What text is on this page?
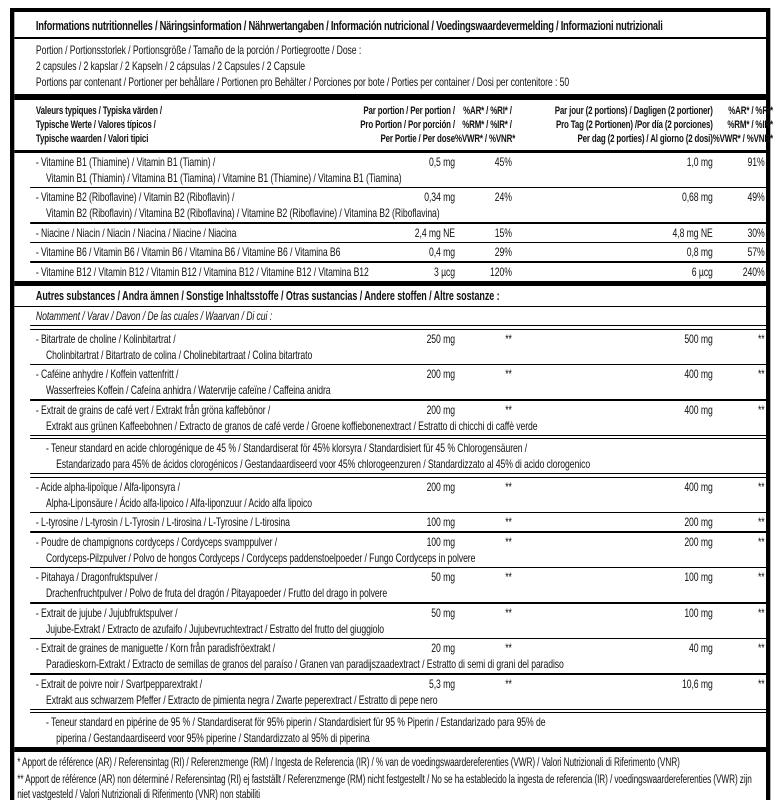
Informations nutritionnelles / Näringsinformation / Nährwertangaben / Información nutricional / Voedingswaardevermelding / Informazioni nutrizionali
Portion / Portionsstorlek / Portionsgröße / Tamaño de la porción / Portiegrootte / Dose :
2 capsules / 2 kapslar / 2 Kapseln / 2 cápsulas / 2 Capsules / 2 Capsule
Portions par contenant / Portioner per behållare / Portionen pro Behälter / Porciones por bote / Porties per container / Dosi per contenitore : 50
Valeurs typiques / Typiska värden /
Typische Werte / Valores típicos /
Typische waarden / Valori tipici
Par portion / Per portion /
Pro Portion / Por porción /
Per Portie / Per dose
%AR* / %RI* /
%RM* / %IR* /
%VWR* / %VNR*
Par jour (2 portions) / Dagligen (2 portioner)
Pro Tag (2 Portionen) /Por día (2 porciones)
Per dag (2 porties) / Al giorno (2 dosi)
%AR* / %RI*
%RM* / %IR*
%VWR* / %VNR*
- Vitamine B1 (Thiamine) / Vitamin B1 (Tiamin) /
Vitamin B1 (Thiamin) / Vitamina B1 (Tiamina) / Vitamine B1 (Thiamine) / Vitamina B1 (Tiamina)
0,5 mg	45%	1,0 mg	91%
- Vitamine B2 (Riboflavine) / Vitamin B2 (Riboflavin) /
Vitamin B2 (Riboflavin) / Vitamina B2 (Riboflavina) / Vitamine B2 (Riboflavine) / Vitamina B2 (Riboflavina)
0,34 mg	24%	0,68 mg	49%
- Niacine / Niacin / Niacin / Niacina / Niacine / Niacina	2,4 mg NE	15%	4,8 mg NE	30%
- Vitamine B6 / Vitamin B6 / Vitamin B6 / Vitamina B6 / Vitamine B6 / Vitamina B6	0,4 mg	29%	0,8 mg	57%
- Vitamine B12 / Vitamin B12 / Vitamin B12 / Vitamina B12 / Vitamine B12 / Vitamina B12	3 µcg	120%	6 µcg	240%
Autres substances / Andra ämnen / Sonstige Inhaltsstoffe / Otras sustancias / Andere stoffen / Altre sostanze :
Notamment / Varav / Davon / De las cuales / Waarvan / Di cui :
- Bitartrate de choline / Kolinbitartrat /
Cholinbitartrat / Bitartrato de colina / Cholinebitartraat / Colina bitartrato
250 mg	**	500 mg	**
- Caféine anhydre / Koffein vattenfritt /
Wasserfreies Koffein / Cafeína anhidra / Watervrije cafeïne / Caffeina anidra
200 mg	**	400 mg	**
- Extrait de grains de café vert / Extrakt från gröna kaffebönor /
Extrakt aus grünen Kaffeebohnen / Extracto de granos de café verde / Groene koffiebonenextract / Estratto di chicchi di caffè verde
200 mg	**	400 mg	**
- Teneur standard en acide chlorogénique de 45 % / Standardiserat för 45% klorsyra / Standardisiert für 45 % Chlorogensäuren /
Estandarizado para 45% de ácidos clorogénicos / Gestandaardiseerd voor 45% chlorogeenzuren / Standardizzato al 45% di acido clorogenico
- Acide alpha-lipoïque / Alfa-liponsyra /
Alpha-Liponsäure / Ácido alfa-lipoico / Alfa-liponzuur / Acido alfa lipoico
200 mg	**	400 mg	**
- L-tyrosine / L-tyrosin / L-Tyrosin / L-tirosina / L-Tyrosine / L-tirosina	100 mg	**	200 mg	**
- Poudre de champignons cordyceps / Cordyceps svamppulver /
Cordyceps-Pilzpulver / Polvo de hongos Cordyceps / Cordyceps paddenstoelpoeder / Fungo Cordyceps in polvere
100 mg	**	200 mg	**
- Pitahaya / Dragonfruktspulver /
Drachenfruchtpulver / Polvo de fruta del dragón / Pitayapoeder / Frutto del drago in polvere
50 mg	**	100 mg	**
- Extrait de jujube / Jujubfruktspulver /
Jujube-Extrakt / Extracto de azufaifo / Jujubevruchtextract / Estratto del frutto del giuggiolo
50 mg	**	100 mg	**
- Extrait de graines de maniguette / Korn från paradisfröextrakt /
Paradieskorn-Extrakt / Extracto de semillas de granos del paraíso / Granen van paradijszaadextract / Estratto di semi di grani del paradiso
20 mg	**	40 mg	**
- Extrait de poivre noir / Svartpepparextrakt /
Extrakt aus schwarzem Pfeffer / Extracto de pimienta negra / Zwarte peperextract / Estratto di pepe nero
5,3 mg	**	10,6 mg	**
- Teneur standard en pipérine de 95 % / Standardiserat för 95% piperin / Standardisiert für 95 % Piperin / Estandarizado para 95% de
piperina / Gestandaardiseerd voor 95% piperine / Standardizzato al 95% di piperina
* Apport de référence (AR) / Referensintag (RI) / Referenzmenge (RM) / Ingesta de Referencia (IR) / % van de voedingswaardereferenties (VWR) / Valori Nutrizionali di Riferimento (VNR)
** Apport de référence (AR) non déterminé / Referensintag (RI) ej fastställt / Referenzmenge (RM) nicht festgestellt / No se ha establecido la ingesta de referencia (IR) / voedingswaardereferenties (VWR) zijn niet vastgesteld / Valori Nutrizionali di Riferimento (VNR) non stabiliti
